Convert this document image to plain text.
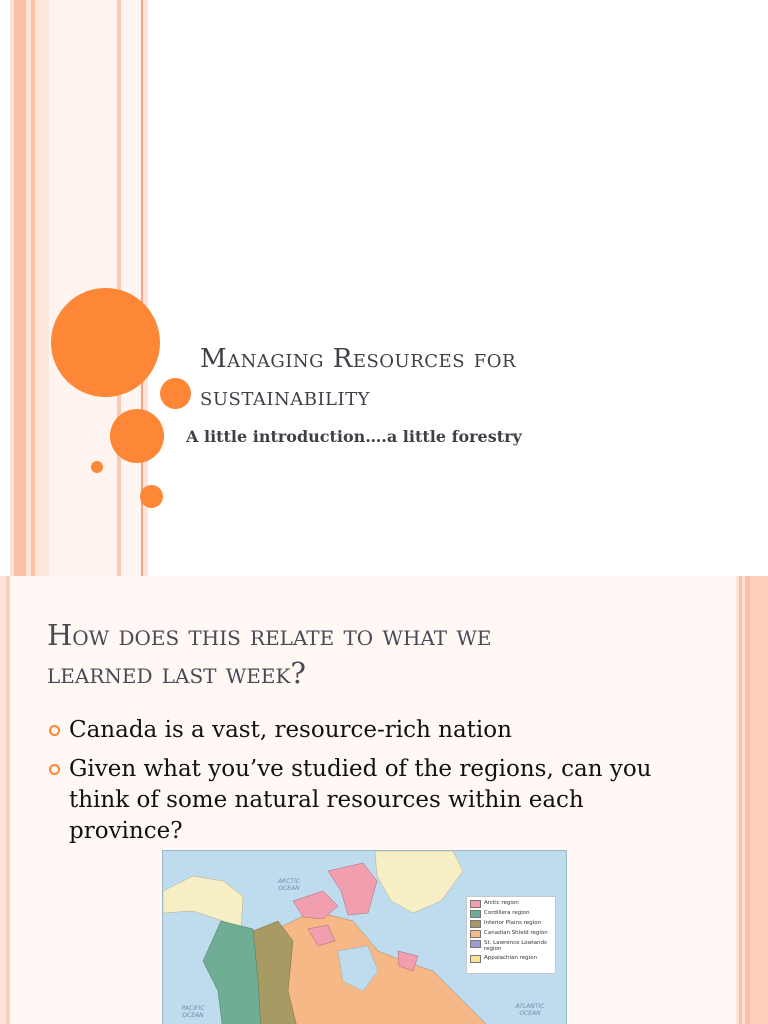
Managing Resources for
sustainability
A little introduction….a little forestry
How does this relate to what we
learned last week?
Canada is a vast, resource-rich nation
Given what you’ve studied of the regions, can you think of some natural resources within each province?
ARCTIC OCEAN
PACIFIC OCEAN
ATLANTIC OCEAN
Arctic region
Cordillera region
Interior Plains region
Canadian Shield region
St. Lawrence Lowlands region
Appalachian region
